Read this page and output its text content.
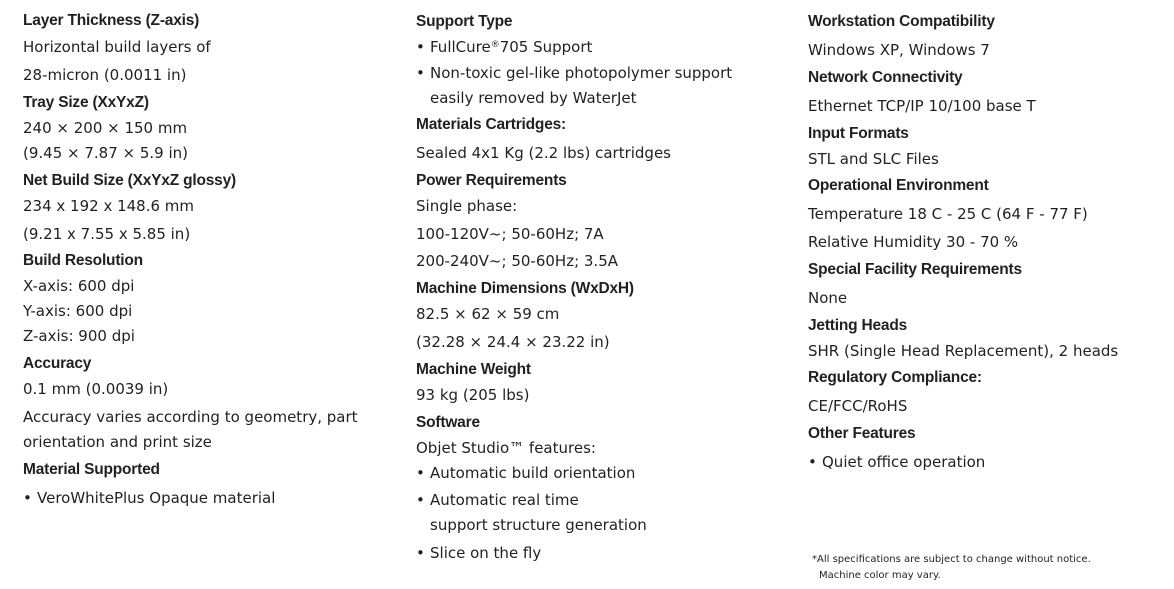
Layer Thickness (Z-axis)
Horizontal build layers of
28-micron (0.0011 in)
Tray Size (XxYxZ)
240 × 200 × 150 mm
(9.45 × 7.87 × 5.9 in)
Net Build Size (XxYxZ glossy)
234 x 192 x 148.6 mm
(9.21 x 7.55 x 5.85 in)
Build Resolution
X-axis: 600 dpi
Y-axis: 600 dpi
Z-axis: 900 dpi
Accuracy
0.1 mm (0.0039 in)
Accuracy varies according to geometry, part
orientation and print size
Material Supported
• VeroWhitePlus Opaque material
Support Type
• FullCure®705 Support
• Non-toxic gel-like photopolymer support
easily removed by WaterJet
Materials Cartridges:
Sealed 4x1 Kg (2.2 lbs) cartridges
Power Requirements
Single phase:
100-120V~; 50-60Hz; 7A
200-240V~; 50-60Hz; 3.5A
Machine Dimensions (WxDxH)
82.5 × 62 × 59 cm
(32.28 × 24.4 × 23.22 in)
Machine Weight
93 kg (205 lbs)
Software
Objet Studio™ features:
• Automatic build orientation
• Automatic real time
support structure generation
• Slice on the fly
Workstation Compatibility
Windows XP, Windows 7
Network Connectivity
Ethernet TCP/IP 10/100 base T
Input Formats
STL and SLC Files
Operational Environment
Temperature 18 C - 25 C (64 F - 77 F)
Relative Humidity 30 - 70 %
Special Facility Requirements
None
Jetting Heads
SHR (Single Head Replacement), 2 heads
Regulatory Compliance:
CE/FCC/RoHS
Other Features
• Quiet office operation
*All specifications are subject to change without notice.
Machine color may vary.
